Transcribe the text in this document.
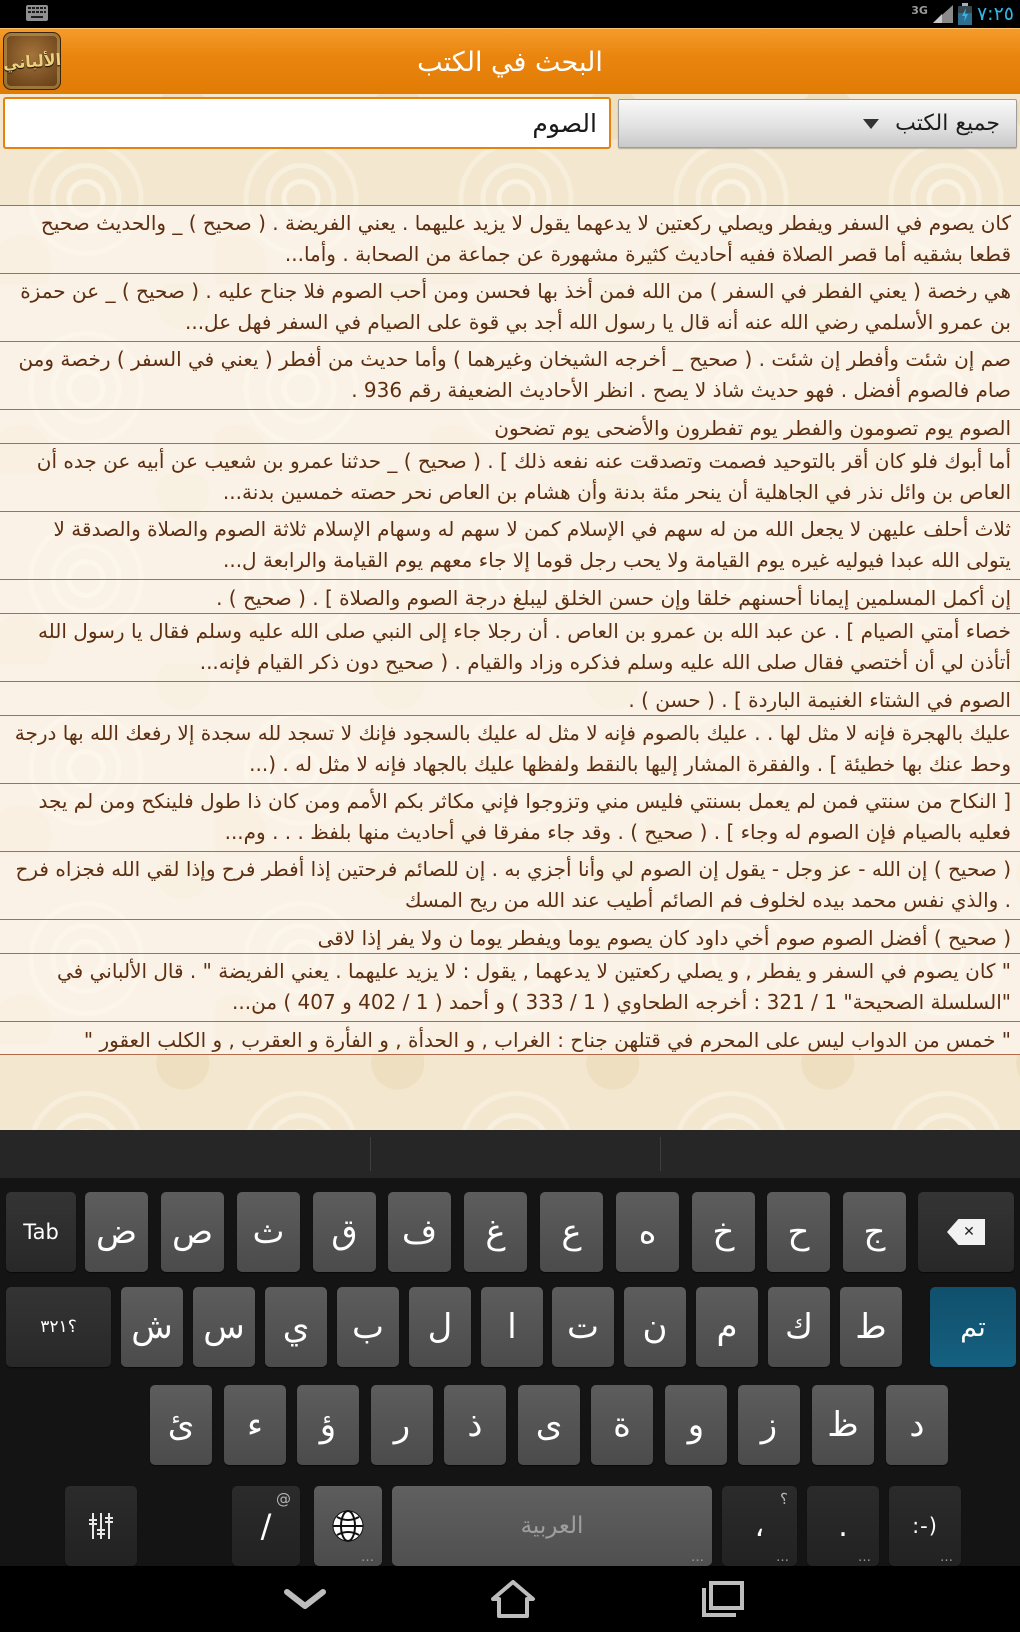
3G	٧:٢٥
الألباني	البحث في الكتب
الصوم
جميع الكتب
كان يصوم في السفر ويفطر ويصلي ركعتين لا يدعهما يقول لا يزيد عليهما . يعني الفريضة . ( صحيح ) _ والحديث صحيح قطعا بشقيه أما قصر الصلاة ففيه أحاديث كثيرة مشهورة عن جماعة من الصحابة . وأما...
هي رخصة ( يعني الفطر في السفر ) من الله فمن أخذ بها فحسن ومن أحب الصوم فلا جناح عليه . ( صحيح ) _ عن حمزة بن عمرو الأسلمي رضي الله عنه أنه قال يا رسول الله أجد بي قوة على الصيام في السفر فهل عل...
صم إن شئت وأفطر إن شئت . ( صحيح _ أخرجه الشيخان وغيرهما ) وأما حديث من أفطر ( يعني في السفر ) رخصة ومن صام فالصوم أفضل . فهو حديث شاذ لا يصح . انظر الأحاديث الضعيفة رقم 936 .
الصوم يوم تصومون والفطر يوم تفطرون والأضحى يوم تضحون
أما أبوك فلو كان أقر بالتوحيد فصمت وتصدقت عنه نفعه ذلك ] . ( صحيح ) _ حدثنا عمرو بن شعيب عن أبيه عن جده أن العاص بن وائل نذر في الجاهلية أن ينحر مئة بدنة وأن هشام بن العاص نحر حصته خمسين بدنة...
ثلاث أحلف عليهن لا يجعل الله من له سهم في الإسلام كمن لا سهم له وسهام الإسلام ثلاثة الصوم والصلاة والصدقة لا يتولى الله عبدا فيوليه غيره يوم القيامة ولا يحب رجل قوما إلا جاء معهم يوم القيامة والرابعة ل...
إن أكمل المسلمين إيمانا أحسنهم خلقا وإن حسن الخلق ليبلغ درجة الصوم والصلاة ] . ( صحيح ) .
خصاء أمتي الصيام ] . عن عبد الله بن عمرو بن العاص . أن رجلا جاء إلى النبي صلى الله عليه وسلم فقال يا رسول الله أتأذن لي أن أختصي فقال صلى الله عليه وسلم فذكره وزاد والقيام . ( صحيح دون ذكر القيام فإنه...
الصوم في الشتاء الغنيمة الباردة ] . ( حسن ) .
عليك بالهجرة فإنه لا مثل لها . . عليك بالصوم فإنه لا مثل له عليك بالسجود فإنك لا تسجد لله سجدة إلا رفعك الله بها درجة وحط عنك بها خطيئة ] . والفقرة المشار إليها بالنقط ولفظها عليك بالجهاد فإنه لا مثل له . (...
[ النكاح من سنتي فمن لم يعمل بسنتي فليس مني وتزوجوا فإني مكاثر بكم الأمم ومن كان ذا طول فلينكح ومن لم يجد فعليه بالصيام فإن الصوم له وجاء ] . ( صحيح ) . وقد جاء مفرقا في أحاديث منها بلفظ . . . وم...
( صحيح ) إن الله - عز وجل - يقول إن الصوم لي وأنا أجزي به . إن للصائم فرحتين إذا أفطر فرح وإذا لقي الله فجزاه فرح . والذي نفس محمد بيده لخلوف فم الصائم أطيب عند الله من ريح المسك
( صحيح ) أفضل الصوم صوم أخي داود كان يصوم يوما ويفطر يوما ن ولا يفر إذا لاقى
" كان يصوم في السفر و يفطر , و يصلي ركعتين لا يدعهما , يقول : لا يزيد عليهما . يعني الفريضة " . قال الألباني في "السلسلة الصحيحة" 1 / 321 : أخرجه الطحاوي ( 1 / 333 ) و أحمد ( 1 / 402 و 407 ) من...
" خمس من الدواب ليس على المحرم في قتلهن جناح : الغراب , و الحدأة , و الفأرة و العقرب , و الكلب العقور "
Tab ض ص ث ق ف غ ع ه خ ح ج
✕
؟٣٢١ ش س ي ب ل ا ت ن م ك ط	تم
ئ ء ؤ ر ذ ى ة و ز ظ د
@
/ …	العربية
…
؟
،
… .
…	:-)
…
